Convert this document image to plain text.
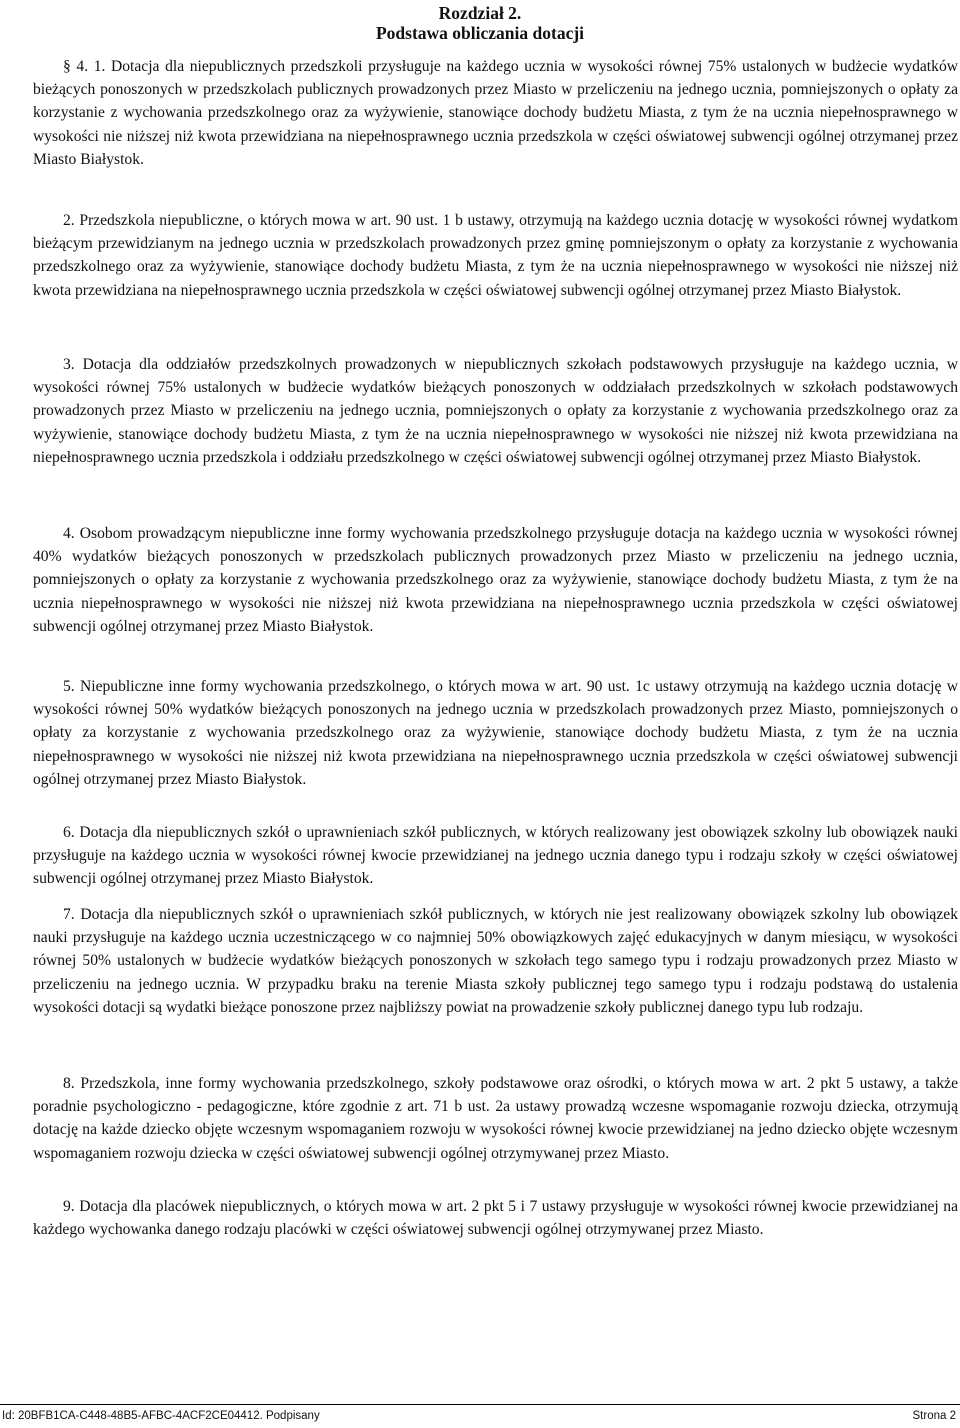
Rozdział 2.
Podstawa obliczania dotacji

§ 4. 1. Dotacja dla niepublicznych przedszkoli przysługuje na każdego ucznia w wysokości równej 75% ustalonych w budżecie wydatków bieżących ponoszonych w przedszkolach publicznych prowadzonych przez Miasto w przeliczeniu na jednego ucznia, pomniejszonych o opłaty za korzystanie z wychowania przedszkolnego oraz za wyżywienie, stanowiące dochody budżetu Miasta, z tym że na ucznia niepełnosprawnego w wysokości nie niższej niż kwota przewidziana na niepełnosprawnego ucznia przedszkola w części oświatowej subwencji ogólnej otrzymanej przez Miasto Białystok.

2. Przedszkola niepubliczne, o których mowa w art. 90 ust. 1 b ustawy, otrzymują na każdego ucznia dotację w wysokości równej wydatkom bieżącym przewidzianym na jednego ucznia w przedszkolach prowadzonych przez gminę pomniejszonym o opłaty za korzystanie z wychowania przedszkolnego oraz za wyżywienie, stanowiące dochody budżetu Miasta, z tym że na ucznia niepełnosprawnego w wysokości nie niższej niż kwota przewidziana na niepełnosprawnego ucznia przedszkola w części oświatowej subwencji ogólnej otrzymanej przez Miasto Białystok.

3. Dotacja dla oddziałów przedszkolnych prowadzonych w niepublicznych szkołach podstawowych przysługuje na każdego ucznia, w wysokości równej 75% ustalonych w budżecie wydatków bieżących ponoszonych w oddziałach przedszkolnych w szkołach podstawowych prowadzonych przez Miasto w przeliczeniu na jednego ucznia, pomniejszonych o opłaty za korzystanie z wychowania przedszkolnego oraz za wyżywienie, stanowiące dochody budżetu Miasta, z tym że na ucznia niepełnosprawnego w wysokości nie niższej niż kwota przewidziana na niepełnosprawnego ucznia przedszkola i oddziału przedszkolnego w części oświatowej subwencji ogólnej otrzymanej przez Miasto Białystok.

4. Osobom prowadzącym niepubliczne inne formy wychowania przedszkolnego przysługuje dotacja na każdego ucznia w wysokości równej 40% wydatków bieżących ponoszonych w przedszkolach publicznych prowadzonych przez Miasto w przeliczeniu na jednego ucznia, pomniejszonych o opłaty za korzystanie z wychowania przedszkolnego oraz za wyżywienie, stanowiące dochody budżetu Miasta, z tym że na ucznia niepełnosprawnego w wysokości nie niższej niż kwota przewidziana na niepełnosprawnego ucznia przedszkola w części oświatowej subwencji ogólnej otrzymanej przez Miasto Białystok.

5. Niepubliczne inne formy wychowania przedszkolnego, o których mowa w art. 90 ust. 1c ustawy otrzymują na każdego ucznia dotację w wysokości równej 50% wydatków bieżących ponoszonych na jednego ucznia w przedszkolach prowadzonych przez Miasto, pomniejszonych o opłaty za korzystanie z wychowania przedszkolnego oraz za wyżywienie, stanowiące dochody budżetu Miasta, z tym że na ucznia niepełnosprawnego w wysokości nie niższej niż kwota przewidziana na niepełnosprawnego ucznia przedszkola w części oświatowej subwencji ogólnej otrzymanej przez Miasto Białystok.

6. Dotacja dla niepublicznych szkół o uprawnieniach szkół publicznych, w których realizowany jest obowiązek szkolny lub obowiązek nauki przysługuje na każdego ucznia w wysokości równej kwocie przewidzianej na jednego ucznia danego typu i rodzaju szkoły w części oświatowej subwencji ogólnej otrzymanej przez Miasto Białystok.

7. Dotacja dla niepublicznych szkół o uprawnieniach szkół publicznych, w których nie jest realizowany obowiązek szkolny lub obowiązek nauki przysługuje na każdego ucznia uczestniczącego w co najmniej 50% obowiązkowych zajęć edukacyjnych w danym miesiącu, w wysokości równej 50% ustalonych w budżecie wydatków bieżących ponoszonych w szkołach tego samego typu i rodzaju prowadzonych przez Miasto w przeliczeniu na jednego ucznia. W przypadku braku na terenie Miasta szkoły publicznej tego samego typu i rodzaju podstawą do ustalenia wysokości dotacji są wydatki bieżące ponoszone przez najbliższy powiat na prowadzenie szkoły publicznej danego typu lub rodzaju.

8. Przedszkola, inne formy wychowania przedszkolnego, szkoły podstawowe oraz ośrodki, o których mowa w art. 2 pkt 5 ustawy, a także poradnie psychologiczno - pedagogiczne, które zgodnie z art. 71 b ust. 2a ustawy prowadzą wczesne wspomaganie rozwoju dziecka, otrzymują dotację na każde dziecko objęte wczesnym wspomaganiem rozwoju w wysokości równej kwocie przewidzianej na jedno dziecko objęte wczesnym wspomaganiem rozwoju dziecka w części oświatowej subwencji ogólnej otrzymywanej przez Miasto.

9. Dotacja dla placówek niepublicznych, o których mowa w art. 2 pkt 5 i 7 ustawy przysługuje w wysokości równej kwocie przewidzianej na każdego wychowanka danego rodzaju placówki w części oświatowej subwencji ogólnej otrzymywanej przez Miasto.

Id: 20BFB1CA-C448-48B5-AFBC-4ACF2CE04412. Podpisany	Strona 2
